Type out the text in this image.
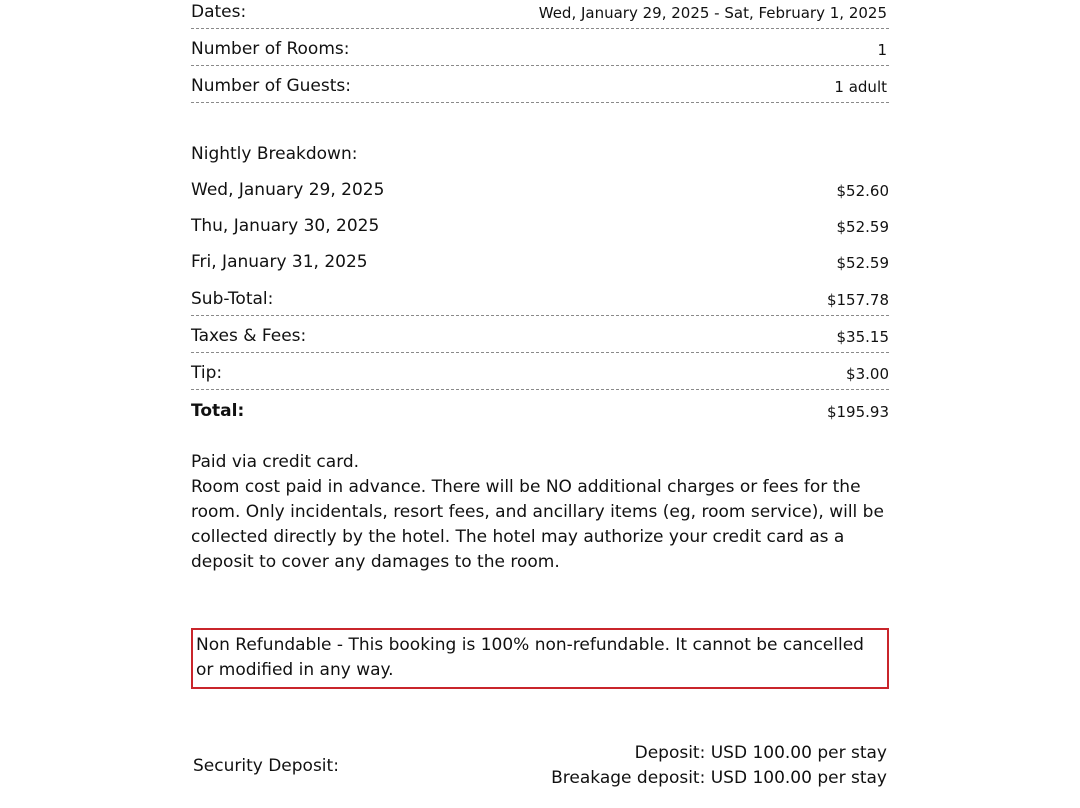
Dates:	Wed, January 29, 2025 - Sat, February 1, 2025
Number of Rooms:	1
Number of Guests:	1 adult
Nightly Breakdown:
Wed, January 29, 2025	$52.60
Thu, January 30, 2025	$52.59
Fri, January 31, 2025	$52.59
Sub-Total:	$157.78
Taxes & Fees:	$35.15
Tip:	$3.00
Total:	$195.93

Paid via credit card.

Room cost paid in advance. There will be NO additional charges or fees for the room. Only incidentals, resort fees, and ancillary items (eg, room service), will be collected directly by the hotel. The hotel may authorize your credit card as a deposit to cover any damages to the room.

Non Refundable - This booking is 100% non-refundable. It cannot be cancelled or modified in any way.
Security Deposit:
Deposit: USD 100.00 per stay
Breakage deposit: USD 100.00 per stay
